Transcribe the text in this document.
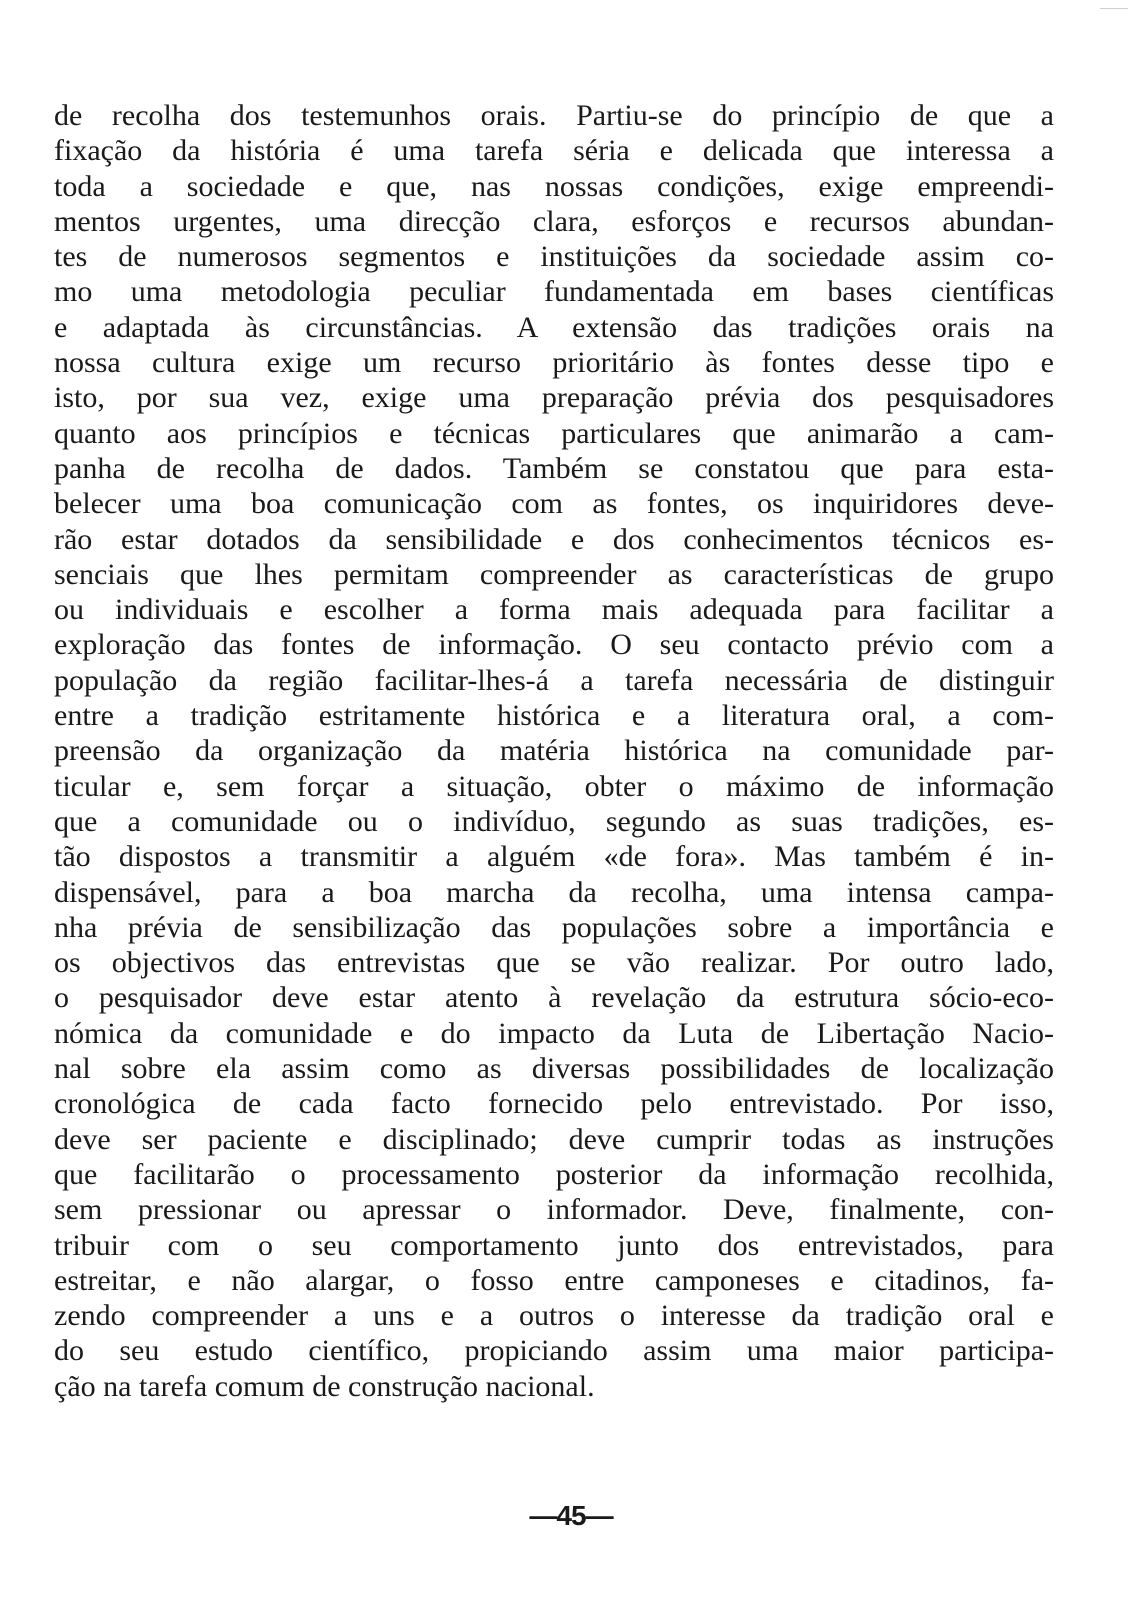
de recolha dos testemunhos orais. Partiu-se do princípio de que a
fixação da história é uma tarefa séria e delicada que interessa a
toda a sociedade e que, nas nossas condições, exige empreendi-
mentos urgentes, uma direcção clara, esforços e recursos abundan-
tes de numerosos segmentos e instituições da sociedade assim co-
mo uma metodologia peculiar fundamentada em bases científicas
e adaptada às circunstâncias. A extensão das tradições orais na
nossa cultura exige um recurso prioritário às fontes desse tipo e
isto, por sua vez, exige uma preparação prévia dos pesquisadores
quanto aos princípios e técnicas particulares que animarão a cam-
panha de recolha de dados. Também se constatou que para esta-
belecer uma boa comunicação com as fontes, os inquiridores deve-
rão estar dotados da sensibilidade e dos conhecimentos técnicos es-
senciais que lhes permitam compreender as características de grupo
ou individuais e escolher a forma mais adequada para facilitar a
exploração das fontes de informação. O seu contacto prévio com a
população da região facilitar-lhes-á a tarefa necessária de distinguir
entre a tradição estritamente histórica e a literatura oral, a com-
preensão da organização da matéria histórica na comunidade par-
ticular e, sem forçar a situação, obter o máximo de informação
que a comunidade ou o indivíduo, segundo as suas tradições, es-
tão dispostos a transmitir a alguém «de fora». Mas também é in-
dispensável, para a boa marcha da recolha, uma intensa campa-
nha prévia de sensibilização das populações sobre a importância e
os objectivos das entrevistas que se vão realizar. Por outro lado,
o pesquisador deve estar atento à revelação da estrutura sócio-eco-
nómica da comunidade e do impacto da Luta de Libertação Nacio-
nal sobre ela assim como as diversas possibilidades de localização
cronológica de cada facto fornecido pelo entrevistado. Por isso,
deve ser paciente e disciplinado; deve cumprir todas as instruções
que facilitarão o processamento posterior da informação recolhida,
sem pressionar ou apressar o informador. Deve, finalmente, con-
tribuir com o seu comportamento junto dos entrevistados, para
estreitar, e não alargar, o fosso entre camponeses e citadinos, fa-
zendo compreender a uns e a outros o interesse da tradição oral e
do seu estudo científico, propiciando assim uma maior participa-
ção na tarefa comum de construção nacional.
—45—
